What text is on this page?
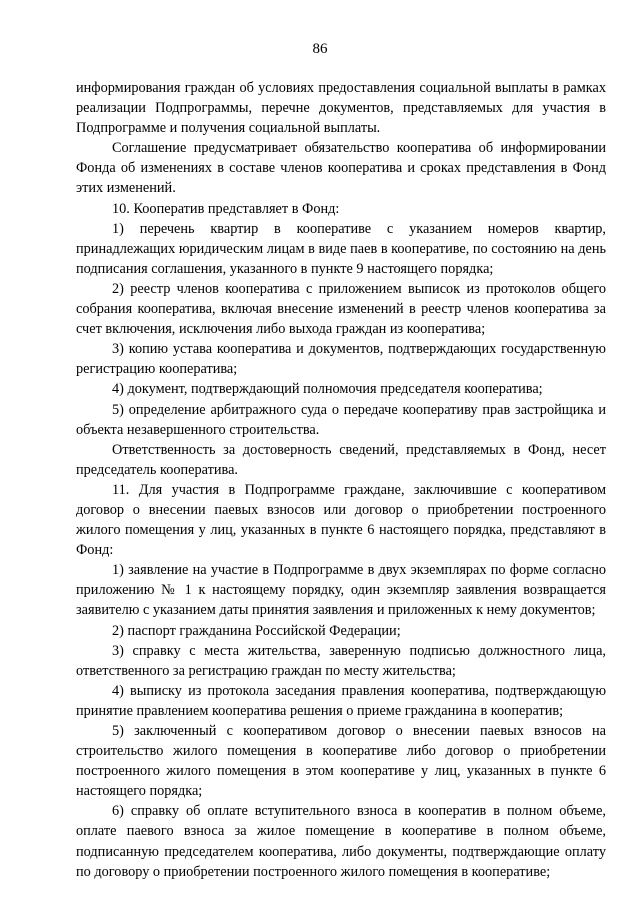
86

информирования граждан об условиях предоставления социальной выплаты в рамках реализации Подпрограммы, перечне документов, представляемых для участия в Подпрограмме и получения социальной выплаты.

Соглашение предусматривает обязательство кооператива об информировании Фонда об изменениях в составе членов кооператива и сроках представления в Фонд этих изменений.

10. Кооператив представляет в Фонд:

1) перечень квартир в кооперативе с указанием номеров квартир, принадлежащих юридическим лицам в виде паев в кооперативе, по состоянию на день подписания соглашения, указанного в пункте 9 настоящего порядка;

2) реестр членов кооператива с приложением выписок из протоколов общего собрания кооператива, включая внесение изменений в реестр членов кооператива за счет включения, исключения либо выхода граждан из кооператива;

3) копию устава кооператива и документов, подтверждающих государственную регистрацию кооператива;

4) документ, подтверждающий полномочия председателя кооператива;

5) определение арбитражного суда о передаче кооперативу прав застройщика и объекта незавершенного строительства.

Ответственность за достоверность сведений, представляемых в Фонд, несет председатель кооператива.

11. Для участия в Подпрограмме граждане, заключившие с кооперативом договор о внесении паевых взносов или договор о приобретении построенного жилого помещения у лиц, указанных в пункте 6 настоящего порядка, представляют в Фонд:

1) заявление на участие в Подпрограмме в двух экземплярах по форме согласно приложению № 1 к настоящему порядку, один экземпляр заявления возвращается заявителю с указанием даты принятия заявления и приложенных к нему документов;

2) паспорт гражданина Российской Федерации;

3) справку с места жительства, заверенную подписью должностного лица, ответственного за регистрацию граждан по месту жительства;

4) выписку из протокола заседания правления кооператива, подтверждающую принятие правлением кооператива решения о приеме гражданина в кооператив;

5) заключенный с кооперативом договор о внесении паевых взносов на строительство жилого помещения в кооперативе либо договор о приобретении построенного жилого помещения в этом кооперативе у лиц, указанных в пункте 6 настоящего порядка;

6) справку об оплате вступительного взноса в кооператив в полном объеме, оплате паевого взноса за жилое помещение в кооперативе в полном объеме, подписанную председателем кооператива, либо документы, подтверждающие оплату по договору о приобретении построенного жилого помещения в кооперативе;
